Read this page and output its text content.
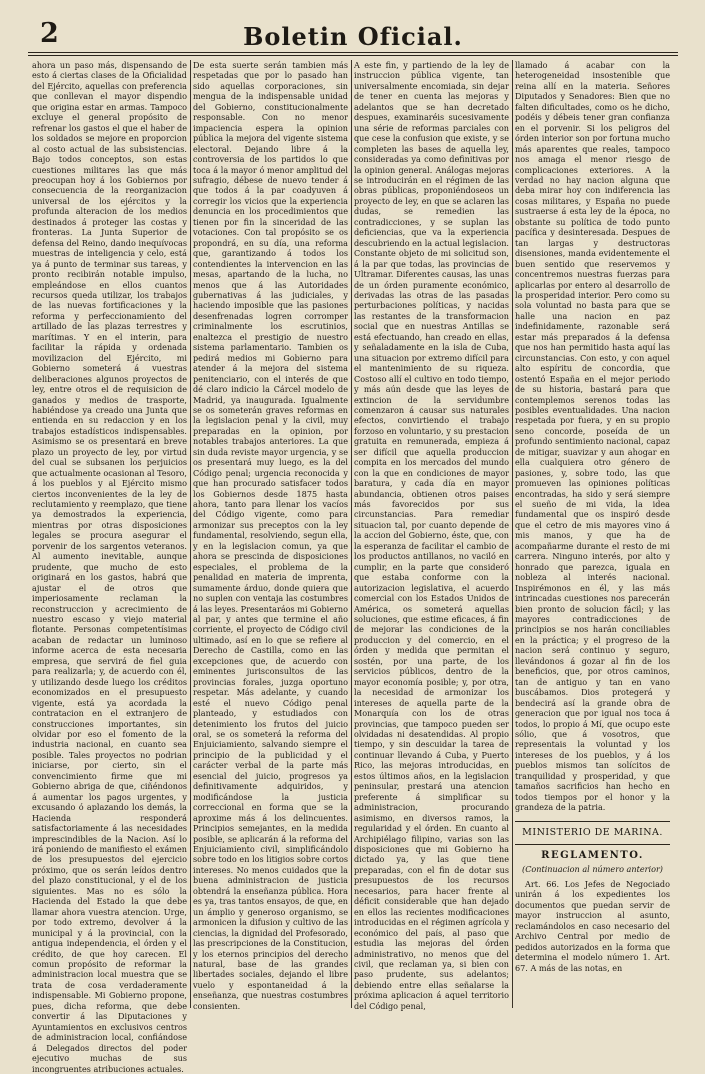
2	Boletin Oficial.

ahora un paso más, dispensando de esto á ciertas clases de la Oficialidad del Ejército, aquellas con preferencia que conllevan el mayor dispendio que origina estar en armas. Tampoco excluye el general propósito de refrenar los gastos el que el haber de los soldados se mejore en proporcion al costo actual de las subsistencias. Bajo todos conceptos, son estas cuestiones militares las que más preocupan hoy á los Gobiernos por consecuencia de la reorganizacion universal de los ejércitos y la profunda alteracion de los medios destinados á proteger las costas y fronteras. La Junta Superior de defensa del Reino, dando inequívocas muestras de inteligencia y celo, está ya á punto de terminar sus tareas, y pronto recibirán notable impulso, empleándose en ellos cuantos recursos queda utilizar, los trabajos de las nuevas fortificaciones y la reforma y perfeccionamiento del artillado de las plazas terrestres y marítimas. Y en el interin, para facilitar la rápida y ordenada movilizacion del Ejército, mi Gobierno someterá á vuestras deliberaciones algunos proyectos de ley, entre otros el de requisicion de ganados y medios de trasporte, habiéndose ya creado una Junta que entienda en su redaccion y en los trabajos estadísticos indispensables. Asimismo se os presentará en breve plazo un proyecto de ley, por virtud del cual se subsanen los perjuicios que actualmente ocasionan al Tesoro, á los pueblos y al Ejército mismo ciertos inconvenientes de la ley de reclutamiento y reemplazo, que tiene ya demostrados la experiencia, mientras por otras disposiciones legales se procura asegurar el porvenir de los sargentos veteranos. Al aumento inevitable, aunque prudente, que mucho de esto originará en los gastos, habrá que ajustar el de otros que imperiosamente reclaman la reconstruccion y acrecimiento de nuestro escaso y viejo material flotante. Personas competentísimas acaban de redactar un luminoso informe acerca de esta necesaria empresa, que servirá de fiel guia para realizarla; y, de acuerdo con él, y utilizando desde luego los créditos economizados en el presupuesto vigente, está ya acordada la contratacion en el extranjero de construcciones importantes, sin olvidar por eso el fomento de la industria nacional, en cuanto sea posible. Tales proyectos no podrian iniciarse, por cierto, sin el convencimiento firme que mi Gobierno abriga de que, ciñéndonos á aumentar los pagos urgentes, y excusando ó aplazando los demás, la Hacienda responderá satisfactoriamente á las necesidades imprescindibles de la Nacion. Así lo irá poniendo de manifiesto el exámen de los presupuestos del ejercicio próximo, que os serán leídos dentro del plazo constitucional, y el de los siguientes. Mas no es sólo la Hacienda del Estado la que debe llamar ahora vuestra atencion. Urge, por todo extremo, devolver á la municipal y á la provincial, con la antigua independencia, el órden y el crédito, de que hoy carecen. El comun propósito de reformar la administracion local muestra que se trata de cosa verdaderamente indispensable. Mi Gobierno propone, pues, dicha reforma, que debe convertir á las Diputaciones y Ayuntamientos en exclusivos centros de administracion local, confiándose á Delegados directos del poder ejecutivo muchas de sus incongruentes atribuciones actuales.

De esta suerte serán tambien más respetadas que por lo pasado han sido aquellas corporaciones, sin mengua de la indispensable unidad del Gobierno, constitucionalmente responsable. Con no menor impaciencia espera la opinion pública la mejora del vigente sistema electoral. Dejando libre á la controversia de los partidos lo que toca á la mayor ó menor amplitud del sufragio, débese de nuevo tender á que todos á la par coadyuven á corregir los vicios que la experiencia denuncia en los procedimientos que tienen por fin la sinceridad de las votaciones. Con tal propósito se os propondrá, en su día, una reforma que, garantizando á todos los contendientes la intervencion en las mesas, apartando de la lucha, no menos que á las Autoridades gubernativas á las judiciales, y haciendo imposible que las pasiones desenfrenadas logren corromper criminalmente los escrutinios, enaltezca el prestigio de nuestro sistema parlamentario. Tambien os pedirá medios mi Gobierno para atender á la mejora del sistema penitenciario, con el interés de que dé claro indicio la Cárcel modelo de Madrid, ya inaugurada. Igualmente se os someterán graves reformas en la legislacion penal y la civil, muy preparadas en la opinion, por notables trabajos anteriores. La que sin duda reviste mayor urgencia, y se os presentará muy luego, es la del Código penal; urgencia reconocida y que han procurado satisfacer todos los Gobiernos desde 1875 hasta ahora, tanto para llenar los vacíos del Código vigente, como para armonizar sus preceptos con la ley fundamental, resolviendo, segun ella, y en la legislacion comun, ya que ahora se prescinda de disposiciones especiales, el problema de la penalidad en materia de imprenta, sumamente árduo, donde quiera que no suplen con ventaja las costumbres á las leyes. Presentaráos mi Gobierno al par, y antes que termine el año corriente, el proyecto de Código civil ultimado, así en lo que se refiere al Derecho de Castilla, como en las excepciones que, de acuerdo con eminentes jurisconsultos de las provincias forales, juzga oportuno respetar. Más adelante, y cuando esté el nuevo Código penal planteado, y estudiados con detenimiento los frutos del juicio oral, se os someterá la reforma del Enjuiciamiento, salvando siempre el principio de la publicidad y el carácter verbal de la parte más esencial del juicio, progresos ya definitivamente adquiridos, y modificándose la justicia correccional en forma que se la aproxime más á los delincuentes. Principios semejantes, en la medida posible, se aplicarán á la reforma del Enjuiciamiento civil, simplificándolo sobre todo en los litigios sobre cortos intereses. No menos cuidados que la buena administracion de justicia obtendrá la enseñanza pública. Hora es ya, tras tantos ensayos, de que, en un ámplio y generoso organismo, se armonicen la difusion y cultivo de las ciencias, la dignidad del Profesorado, las prescripciones de la Constitucion, y los eternos principios del derecho natural, base de las grandes libertades sociales, dejando el libre vuelo y espontaneidad á la enseñanza, que nuestras costumbres consienten.

A este fin, y partiendo de la ley de instruccion pública vigente, tan universalmente encomiada, sin dejar de tener en cuenta las mejoras y adelantos que se han decretado despues, examinaréis sucesivamente una série de reformas parciales con que cese la confusion que existe, y se completen las bases de aquella ley, consideradas ya como definitivas por la opinion general. Análogas mejoras se introducirán en el régimen de las obras públicas, proponiéndoseos un proyecto de ley, en que se aclaren las dudas, se remedien las contradicciones, y se suplan las deficiencias, que va la experiencia descubriendo en la actual legislacion. Constante objeto de mi solicitud son, á la par que todas, las provincias de Ultramar. Diferentes causas, las unas de un órden puramente económico, derivadas las otras de las pasadas perturbaciones políticas, y nacidas las restantes de la transformacion social que en nuestras Antillas se está efectuando, han creado en ellas, y señaladamente en la isla de Cuba, una situacion por extremo difícil para el mantenimiento de su riqueza. Costoso allí el cultivo en todo tiempo, y más aún desde que las leyes de extincion de la servidumbre comenzaron á causar sus naturales efectos, convirtiendo el trabajo forzoso en voluntario, y su prestacion gratuita en remunerada, empieza á ser difícil que aquella produccion compita en los mercados del mundo con la que en condiciones de mayor baratura, y cada día en mayor abundancia, obtienen otros paises más favorecidos por sus circunstancias. Para remediar situacion tal, por cuanto depende de la accion del Gobierno, éste, que, con la esperanza de facilitar el cambio de los productos antillanos, no vaciló en cumplir, en la parte que consideró que estaba conforme con la autorizacion legislativa, el acuerdo comercial con los Estados Unidos de América, os someterá aquellas soluciones, que estime eficaces, á fin de mejorar las condiciones de la produccion y del comercio, en el órden y medida que permitan el sostén, por una parte, de los servicios públicos, dentro de la mayor economía posible; y, por otra, la necesidad de armonizar los intereses de aquella parte de la Monarquía con los de otras provincias, que tampoco pueden ser olvidadas ni desatendidas. Al propio tiempo, y sin descuidar la tarea de continuar llevando á Cuba, y Puerto Rico, las mejoras introducidas, en estos últimos años, en la legislacion peninsular, prestará una atencion preferente á simplificar su administracion, procurando asimismo, en diversos ramos, la regularidad y el órden. En cuanto al Archipiélago filipino, varias son las disposiciones que mi Gobierno ha dictado ya, y las que tiene preparadas, con el fin de dotar sus presupuestos de los recursos necesarios, para hacer frente al déficit considerable que han dejado en ellos las recientes modificaciones introducidas en el régimen agrícola y económico del país, al paso que estudia las mejoras del órden administrativo, no menos que del civil, que reclaman ya, si bien con paso prudente, sus adelantos; debiendo entre ellas señalarse la próxima aplicacion á aquel territorio del Código penal,

llamado á acabar con la heterogeneidad insostenible que reina allí en la materia. Señores Diputados y Senadores: Bien que no falten dificultades, como os he dicho, podéis y débeis tener gran confianza en el porvenir. Si los peligros del órden interior son por fortuna mucho más aparentes que reales, tampoco nos amaga el menor riesgo de complicaciones exteriores. A la verdad no hay nacion alguna que deba mirar hoy con indiferencia las cosas militares, y España no puede sustraerse á esta ley de la época, no obstante su política de todo punto pacífica y desinteresada. Despues de tan largas y destructoras disensiones, manda evidentemente el buen sentido que reservemos y concentremos nuestras fuerzas para aplicarlas por entero al desarrollo de la prosperidad interior. Pero como su sola voluntad no basta para que se halle una nacion en paz indefinidamente, razonable será estar más preparados á la defensa que nos han permitido hasta aquí las circunstancias. Con esto, y con aquel alto espíritu de concordia, que ostentó España en el mejor periodo de su historia, bastará para que contemplemos serenos todas las posibles eventualidades. Una nacion respetada por fuera, y en su propio seno concorde, poseída de un profundo sentimiento nacional, capaz de mitigar, suavizar y aun ahogar en ella cualquiera otro género de pasiones, y, sobre todo, las que promueven las opiniones políticas encontradas, ha sido y será siempre el sueño de mi vida, la idea fundamental que os inspiró desde que el cetro de mis mayores vino á mis manos, y que ha de acompañarme durante el resto de mi carrera. Ninguno interés, por alto y honrado que parezca, iguala en nobleza al interés nacional. Inspirémonos en él, y las más intrincadas cuestiones nos parecerán bien pronto de solucion fácil; y las mayores contradicciones de principios se nos harán conciliables en la práctica; y el progreso de la nacion será continuo y seguro, llevándonos á gozar al fin de los beneficios, que, por otros caminos, tan de antiguo y tan en vano buscábamos. Dios protegerá y bendecirá así la grande obra de generacion que por igual nos toca á todos, lo propio á Mí, que ocupo este sólio, que á vosotros, que representais la voluntad y los intereses de los pueblos, y á los pueblos mismos tan solícitos de tranquilidad y prosperidad, y que tamaños sacrificios han hecho en todos tiempos por el honor y la grandeza de la patria.

MINISTERIO DE MARINA.
REGLAMENTO.
(Continuacion al número anterior)

Art. 66. Los Jefes de Negociado unirán á los expedientes los documentos que puedan servir de mayor instruccion al asunto, reclamándolos en caso necesario del Archivo Central por medio de pedidos autorizados en la forma que determina el modelo número 1. Art. 67. A más de las notas, en
